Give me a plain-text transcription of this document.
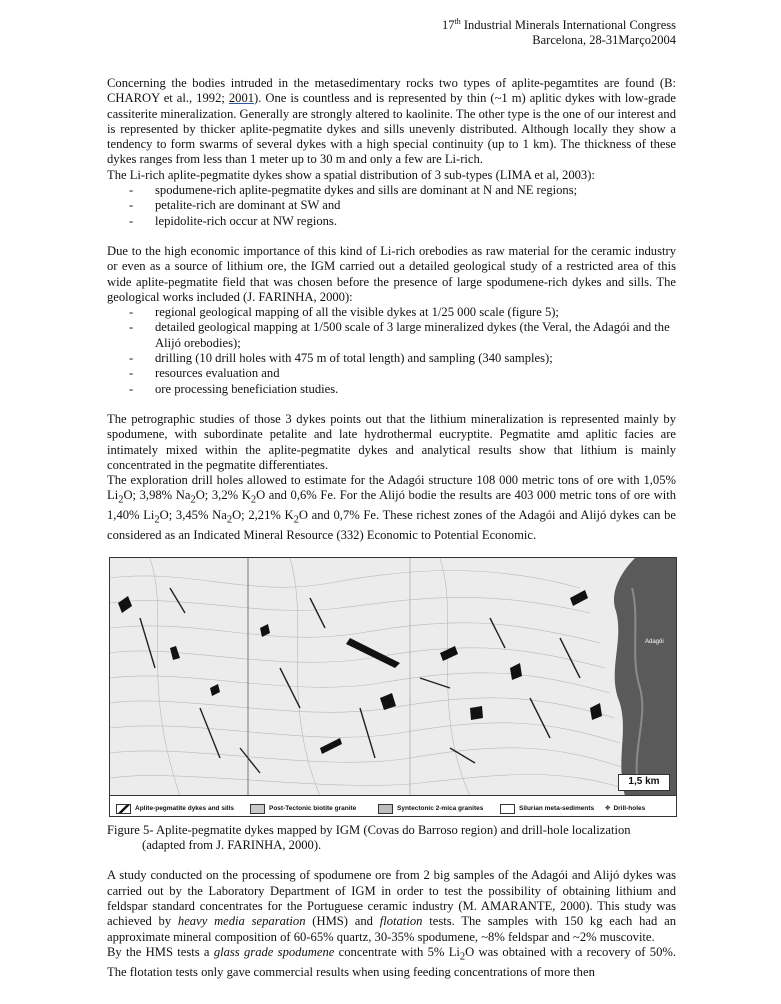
17th Industrial Minerals International Congress
Barcelona, 28-31Março2004

Concerning the bodies intruded in the metasedimentary rocks two types of aplite-pegamtites are found (B: CHAROY et al., 1992; 2001). One is countless and is represented by thin (~1 m) aplitic dykes with low-grade cassiterite mineralization. Generally are strongly altered to kaolinite. The other type is the one of our interest and is represented by thicker aplite-pegmatite dykes and sills unevenly distributed. Although locally they show a tendency to form swarms of several dykes with a high special continuity (up to 1 km). The thickness of these dykes ranges from less than 1 meter up to 30 m and only a few are Li-rich.

The Li-rich aplite-pegmatite dykes show a spatial distribution of 3 sub-types (LIMA et al, 2003):

- spodumene-rich aplite-pegmatite dykes and sills are dominant at N and NE regions;
- petalite-rich are dominant at SW and
- lepidolite-rich occur at NW regions.

Due to the high economic importance of this kind of Li-rich orebodies as raw material for the ceramic industry or even as a source of lithium ore, the IGM carried out a detailed geological study of a restricted area of this wide aplite-pegmatite field that was chosen before the presence of large spodumene-rich dykes and sills. The geological works included (J. FARINHA, 2000):

- regional geological mapping of all the visible dykes at 1/25 000 scale (figure 5);
- detailed geological mapping at 1/500 scale of 3 large mineralized dykes (the Veral, the Adagói and the Alijó orebodies);
- drilling (10 drill holes with 475 m of total length) and sampling (340 samples);
- resources evaluation and
- ore processing beneficiation studies.

The petrographic studies of those 3 dykes points out that the lithium mineralization is represented mainly by spodumene, with subordinate petalite and late hydrothermal eucryptite. Pegmatite amd aplitic facies are intimately mixed within the aplite-pegmatite dykes and analytical results show that lithium is mainly concentrated in the pegmatite differentiates.

The exploration drill holes allowed to estimate for the Adagói structure 108 000 metric tons of ore with 1,05% $Li_2O$; 3,98% $Na_2O$; 3,2% $K_2O$ and 0,6% Fe. For the Alijó bodie the results are 403 000 metric tons of ore with 1,40% $Li_2O$; 3,45% $Na_2O$; 2,21% $K_2O$ and 0,7% Fe. These richest zones of the Adagói and Alijó dykes can be considered as an Indicated Mineral Resource (332) Economic to Potential Economic.

Adagói
1,5 km
Aplite-pegmatite dykes and sills	Post-Tectonic biotite granite	Syntectonic 2-mica granites	Silurian meta-sediments ✥ Drill-holes
Figure 5- Aplite-pegmatite dykes mapped by IGM (Covas do Barroso region) and drill-hole localization
(adapted from J. FARINHA, 2000).

A study conducted on the processing of spodumene ore from 2 big samples of the Adagói and Alijó dykes was carried out by the Laboratory Department of IGM in order to test the possibility of obtaining lithium and feldspar standard concentrates for the Portuguese ceramic industry (M. AMARANTE, 2000). This study was achieved by heavy media separation (HMS) and flotation tests. The samples with 150 kg each had an approximate mineral composition of 60-65% quartz, 30-35% spodumene, ~8% feldspar and ~2% muscovite.

By the HMS tests a glass grade spodumene concentrate with 5% $Li_2O$ was obtained with a recovery of 50%. The flotation tests only gave commercial results when using feeding concentrations of more then
